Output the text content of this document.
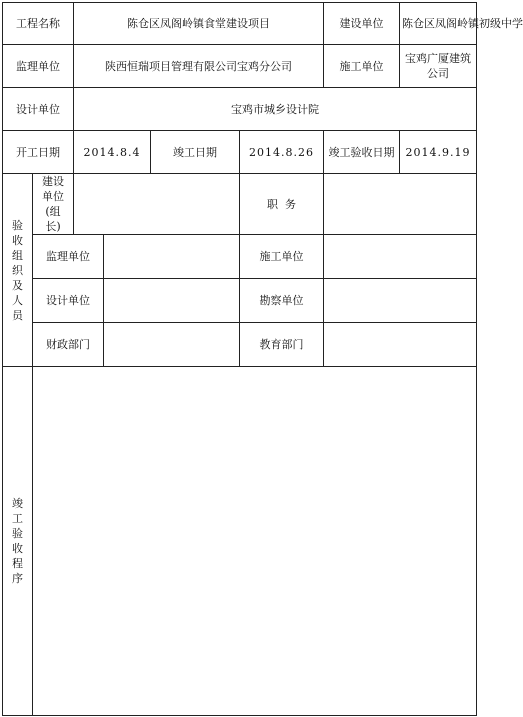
工程名称		陈仓区凤阁岭镇食堂建设项目				建设单位	陈仓区凤阁岭镇初级中学
监理单位		陕西恒瑞项目管理有限公司宝鸡分公司				施工单位	宝鸡广厦建筑公司
设计单位		宝鸡市城乡设计院					
开工日期		2014.8.4		竣工日期	2014.8.26	竣工验收日期	2014.9.19

验收组织及人员	建设单位(组长)				职  务		
	监理单位				施工单位		
	设计单位				勘察单位		
	财政部门				教育部门		

竣工验收程序							
